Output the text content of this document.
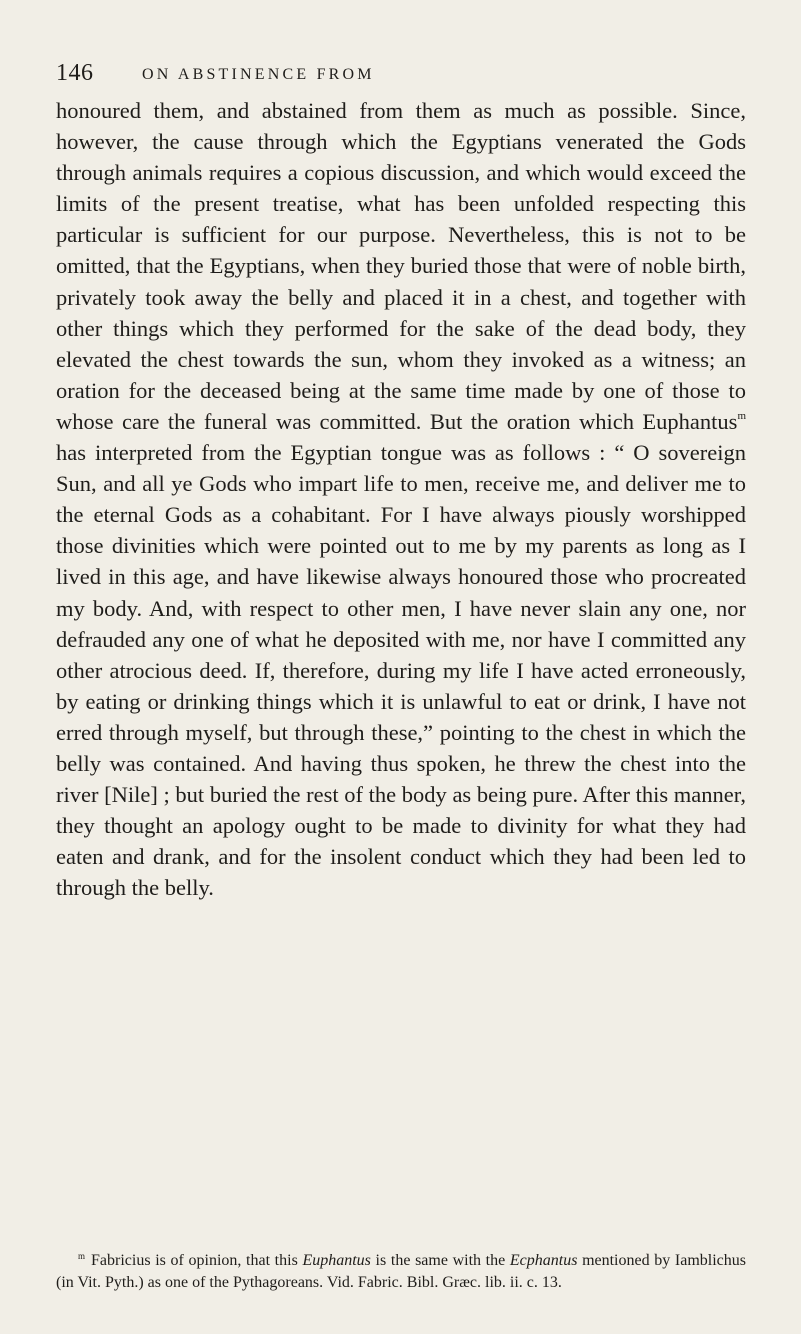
146	ON ABSTINENCE FROM

honoured them, and abstained from them as much as possible. Since, however, the cause through which the Egyptians venerated the Gods through animals requires a copious discussion, and which would exceed the limits of the present treatise, what has been unfolded respecting this particular is sufficient for our purpose. Nevertheless, this is not to be omitted, that the Egyptians, when they buried those that were of noble birth, privately took away the belly and placed it in a chest, and together with other things which they performed for the sake of the dead body, they elevated the chest towards the sun, whom they invoked as a witness; an oration for the deceased being at the same time made by one of those to whose care the funeral was committed. But the oration which Euphantus$^m$ has interpreted from the Egyptian tongue was as follows : “ O sovereign Sun, and all ye Gods who impart life to men, receive me, and deliver me to the eternal Gods as a cohabitant. For I have always piously worshipped those divinities which were pointed out to me by my parents as long as I lived in this age, and have likewise always honoured those who procreated my body. And, with respect to other men, I have never slain any one, nor defrauded any one of what he deposited with me, nor have I committed any other atrocious deed. If, therefore, during my life I have acted erroneously, by eating or drinking things which it is unlawful to eat or drink, I have not erred through myself, but through these,” pointing to the chest in which the belly was contained. And having thus spoken, he threw the chest into the river [Nile] ; but buried the rest of the body as being pure. After this manner, they thought an apology ought to be made to divinity for what they had eaten and drank, and for the insolent conduct which they had been led to through the belly.

$^m$ Fabricius is of opinion, that this Euphantus is the same with the Ecphantus mentioned by Iamblichus (in Vit. Pyth.) as one of the Pythagoreans. Vid. Fabric. Bibl. Græc. lib. ii. c. 13.
